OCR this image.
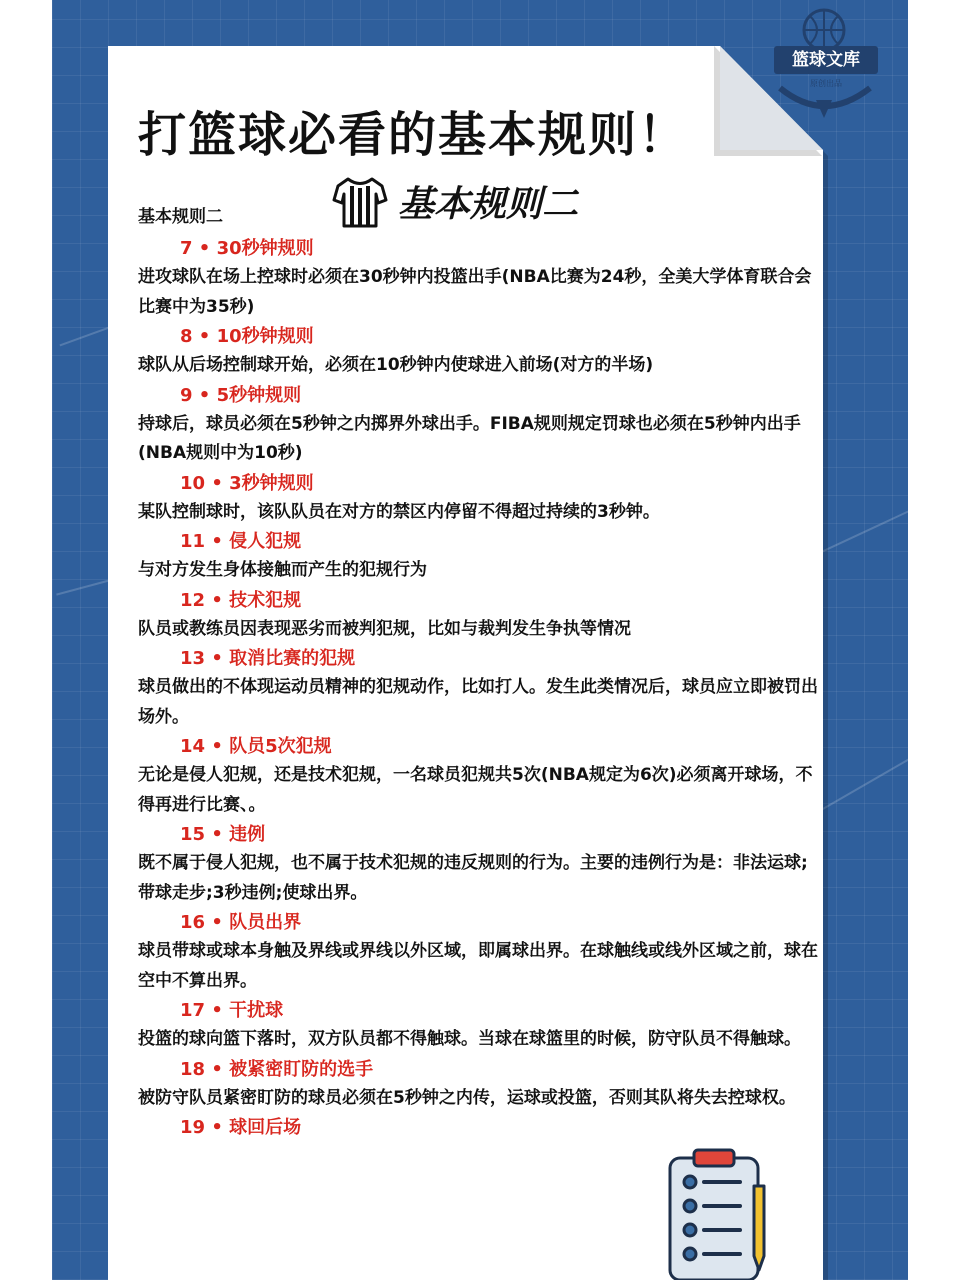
篮球文库
原创出品
打篮球必看的基本规则！
基本规则二
基本规则二
7 • 30秒钟规则
进攻球队在场上控球时必须在30秒钟内投篮出手(NBA比赛为24秒，全美大学体育联合会比赛中为35秒)
8 • 10秒钟规则
球队从后场控制球开始，必须在10秒钟内使球进入前场(对方的半场)
9 • 5秒钟规则
持球后，球员必须在5秒钟之内掷界外球出手。FIBA规则规定罚球也必须在5秒钟内出手(NBA规则中为10秒)
10 • 3秒钟规则
某队控制球时，该队队员在对方的禁区内停留不得超过持续的3秒钟。
11 • 侵人犯规
与对方发生身体接触而产生的犯规行为
12 • 技术犯规
队员或教练员因表现恶劣而被判犯规，比如与裁判发生争执等情况
13 • 取消比赛的犯规
球员做出的不体现运动员精神的犯规动作，比如打人。发生此类情况后，球员应立即被罚出场外。
14 • 队员5次犯规
无论是侵人犯规，还是技术犯规，一名球员犯规共5次(NBA规定为6次)必须离开球场，不得再进行比赛、。
15 • 违例
既不属于侵人犯规，也不属于技术犯规的违反规则的行为。主要的违例行为是：非法运球;带球走步;3秒违例;使球出界。
16 • 队员出界
球员带球或球本身触及界线或界线以外区域，即属球出界。在球触线或线外区域之前，球在空中不算出界。
17 • 干扰球
投篮的球向篮下落时，双方队员都不得触球。当球在球篮里的时候，防守队员不得触球。
18 • 被紧密盯防的选手
被防守队员紧密盯防的球员必须在5秒钟之内传，运球或投篮，否则其队将失去控球权。
19 • 球回后场
